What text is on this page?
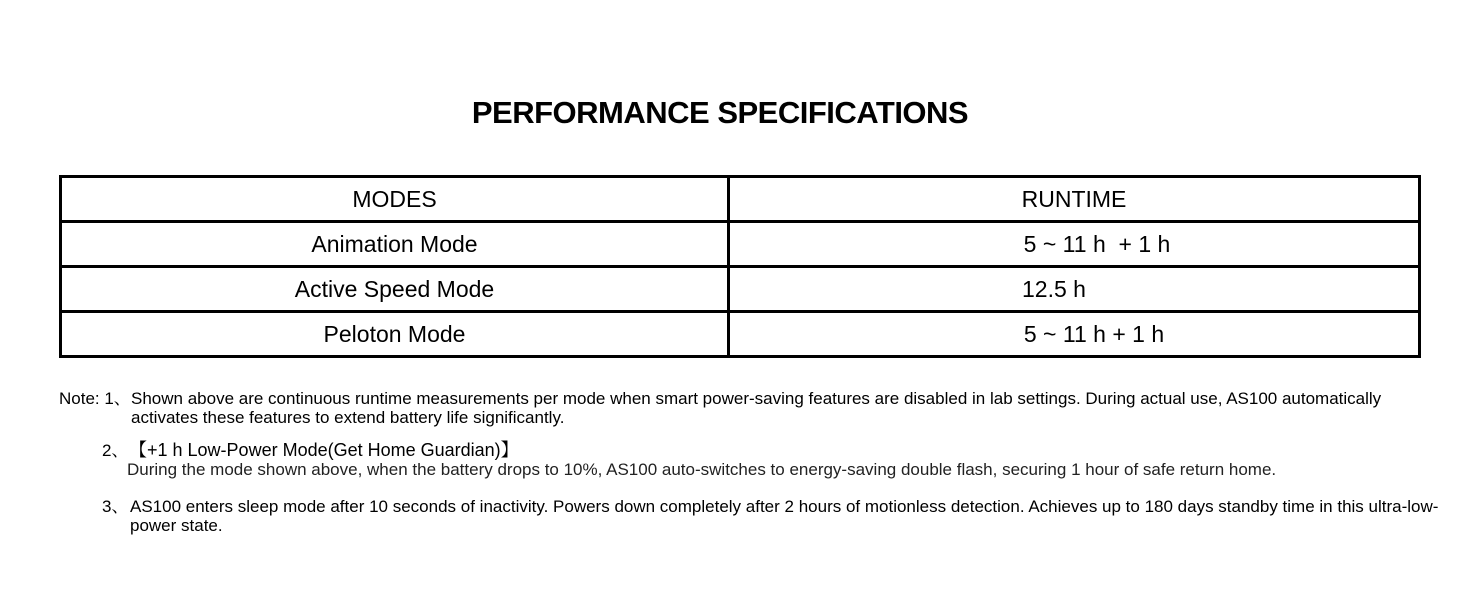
PERFORMANCE SPECIFICATIONS
MODES	RUNTIME
Animation Mode	5 ~ 11 h  + 1 h
Active Speed Mode	12.5 h
Peloton Mode	5 ~ 11 h + 1 h
Note: 1、 Shown above are continuous runtime measurements per mode when smart power-saving features are disabled in lab settings. During actual use, AS100 automatically activates these features to extend battery life significantly.
2、 【+1 h Low-Power Mode(Get Home Guardian)】
During the mode shown above, when the battery drops to 10%, AS100 auto-switches to energy-saving double flash, securing 1 hour of safe return home.
3、 AS100 enters sleep mode after 10 seconds of inactivity. Powers down completely after 2 hours of motionless detection. Achieves up to 180 days standby time in this ultra-low-power state.
